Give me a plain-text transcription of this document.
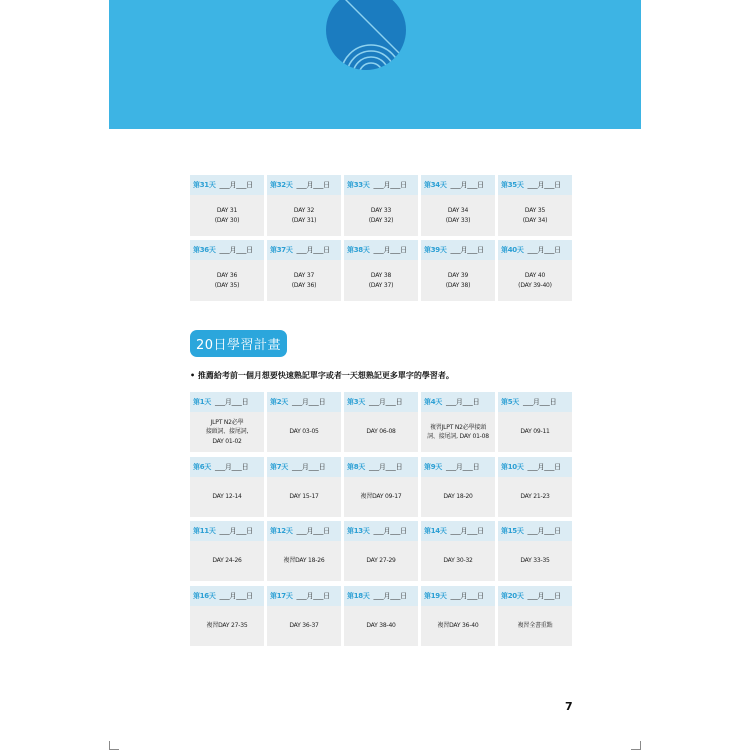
第31天 ___月___日
DAY 31
(DAY 30)
第32天 ___月___日
DAY 32
(DAY 31)
第33天 ___月___日
DAY 33
(DAY 32)
第34天 ___月___日
DAY 34
(DAY 33)
第35天 ___月___日
DAY 35
(DAY 34)
第36天 ___月___日
DAY 36
(DAY 35)
第37天 ___月___日
DAY 37
(DAY 36)
第38天 ___月___日
DAY 38
(DAY 37)
第39天 ___月___日
DAY 39
(DAY 38)
第40天 ___月___日
DAY 40
(DAY 39-40)
20日學習計畫
• 推薦給考前一個月想要快速熟記單字或者一天想熟記更多單字的學習者。
第1天 ___月___日
JLPT N2必學
接頭詞、接尾詞,
DAY 01-02
第2天 ___月___日
DAY 03-05
第3天 ___月___日
DAY 06-08
第4天 ___月___日
複習JLPT N2必學接頭
詞、接尾詞, DAY 01-08
第5天 ___月___日
DAY 09-11
第6天 ___月___日
DAY 12-14
第7天 ___月___日
DAY 15-17
第8天 ___月___日
複習DAY 09-17
第9天 ___月___日
DAY 18-20
第10天 ___月___日
DAY 21-23
第11天 ___月___日
DAY 24-26
第12天 ___月___日
複習DAY 18-26
第13天 ___月___日
DAY 27-29
第14天 ___月___日
DAY 30-32
第15天 ___月___日
DAY 33-35
第16天 ___月___日
複習DAY 27-35
第17天 ___月___日
DAY 36-37
第18天 ___月___日
DAY 38-40
第19天 ___月___日
複習DAY 36-40
第20天 ___月___日
複習全書重點
7
